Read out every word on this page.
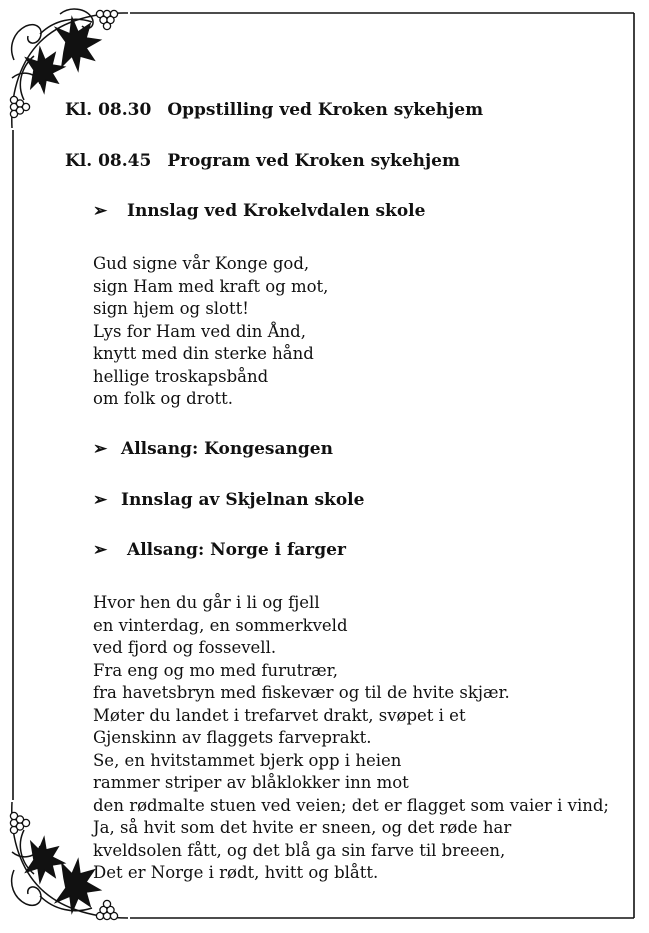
Kl. 08.30 Oppstilling ved Kroken sykehjem
Kl. 08.45 Program ved Kroken sykehjem
➢ Innslag ved Krokelvdalen skole
Gud signe vår Konge god,
sign Ham med kraft og mot,
sign hjem og slott!
Lys for Ham ved din Ånd,
knytt med din sterke hånd
hellige troskapsbånd
om folk og drott.
➢ Allsang: Kongesangen
➢ Innslag av Skjelnan skole
➢ Allsang: Norge i farger
Hvor hen du går i li og fjell
en vinterdag, en sommerkveld
ved fjord og fossevell.
Fra eng og mo med furutrær,
fra havetsbryn med fiskevær og til de hvite skjær.
Møter du landet i trefarvet drakt, svøpet i et
Gjenskinn av flaggets farveprakt.
Se, en hvitstammet bjerk opp i heien
rammer striper av blåklokker inn mot
den rødmalte stuen ved veien; det er flagget som vaier i vind;
Ja, så hvit som det hvite er sneen, og det røde har
kveldsolen fått, og det blå ga sin farve til breeen,
Det er Norge i rødt, hvitt og blått.
